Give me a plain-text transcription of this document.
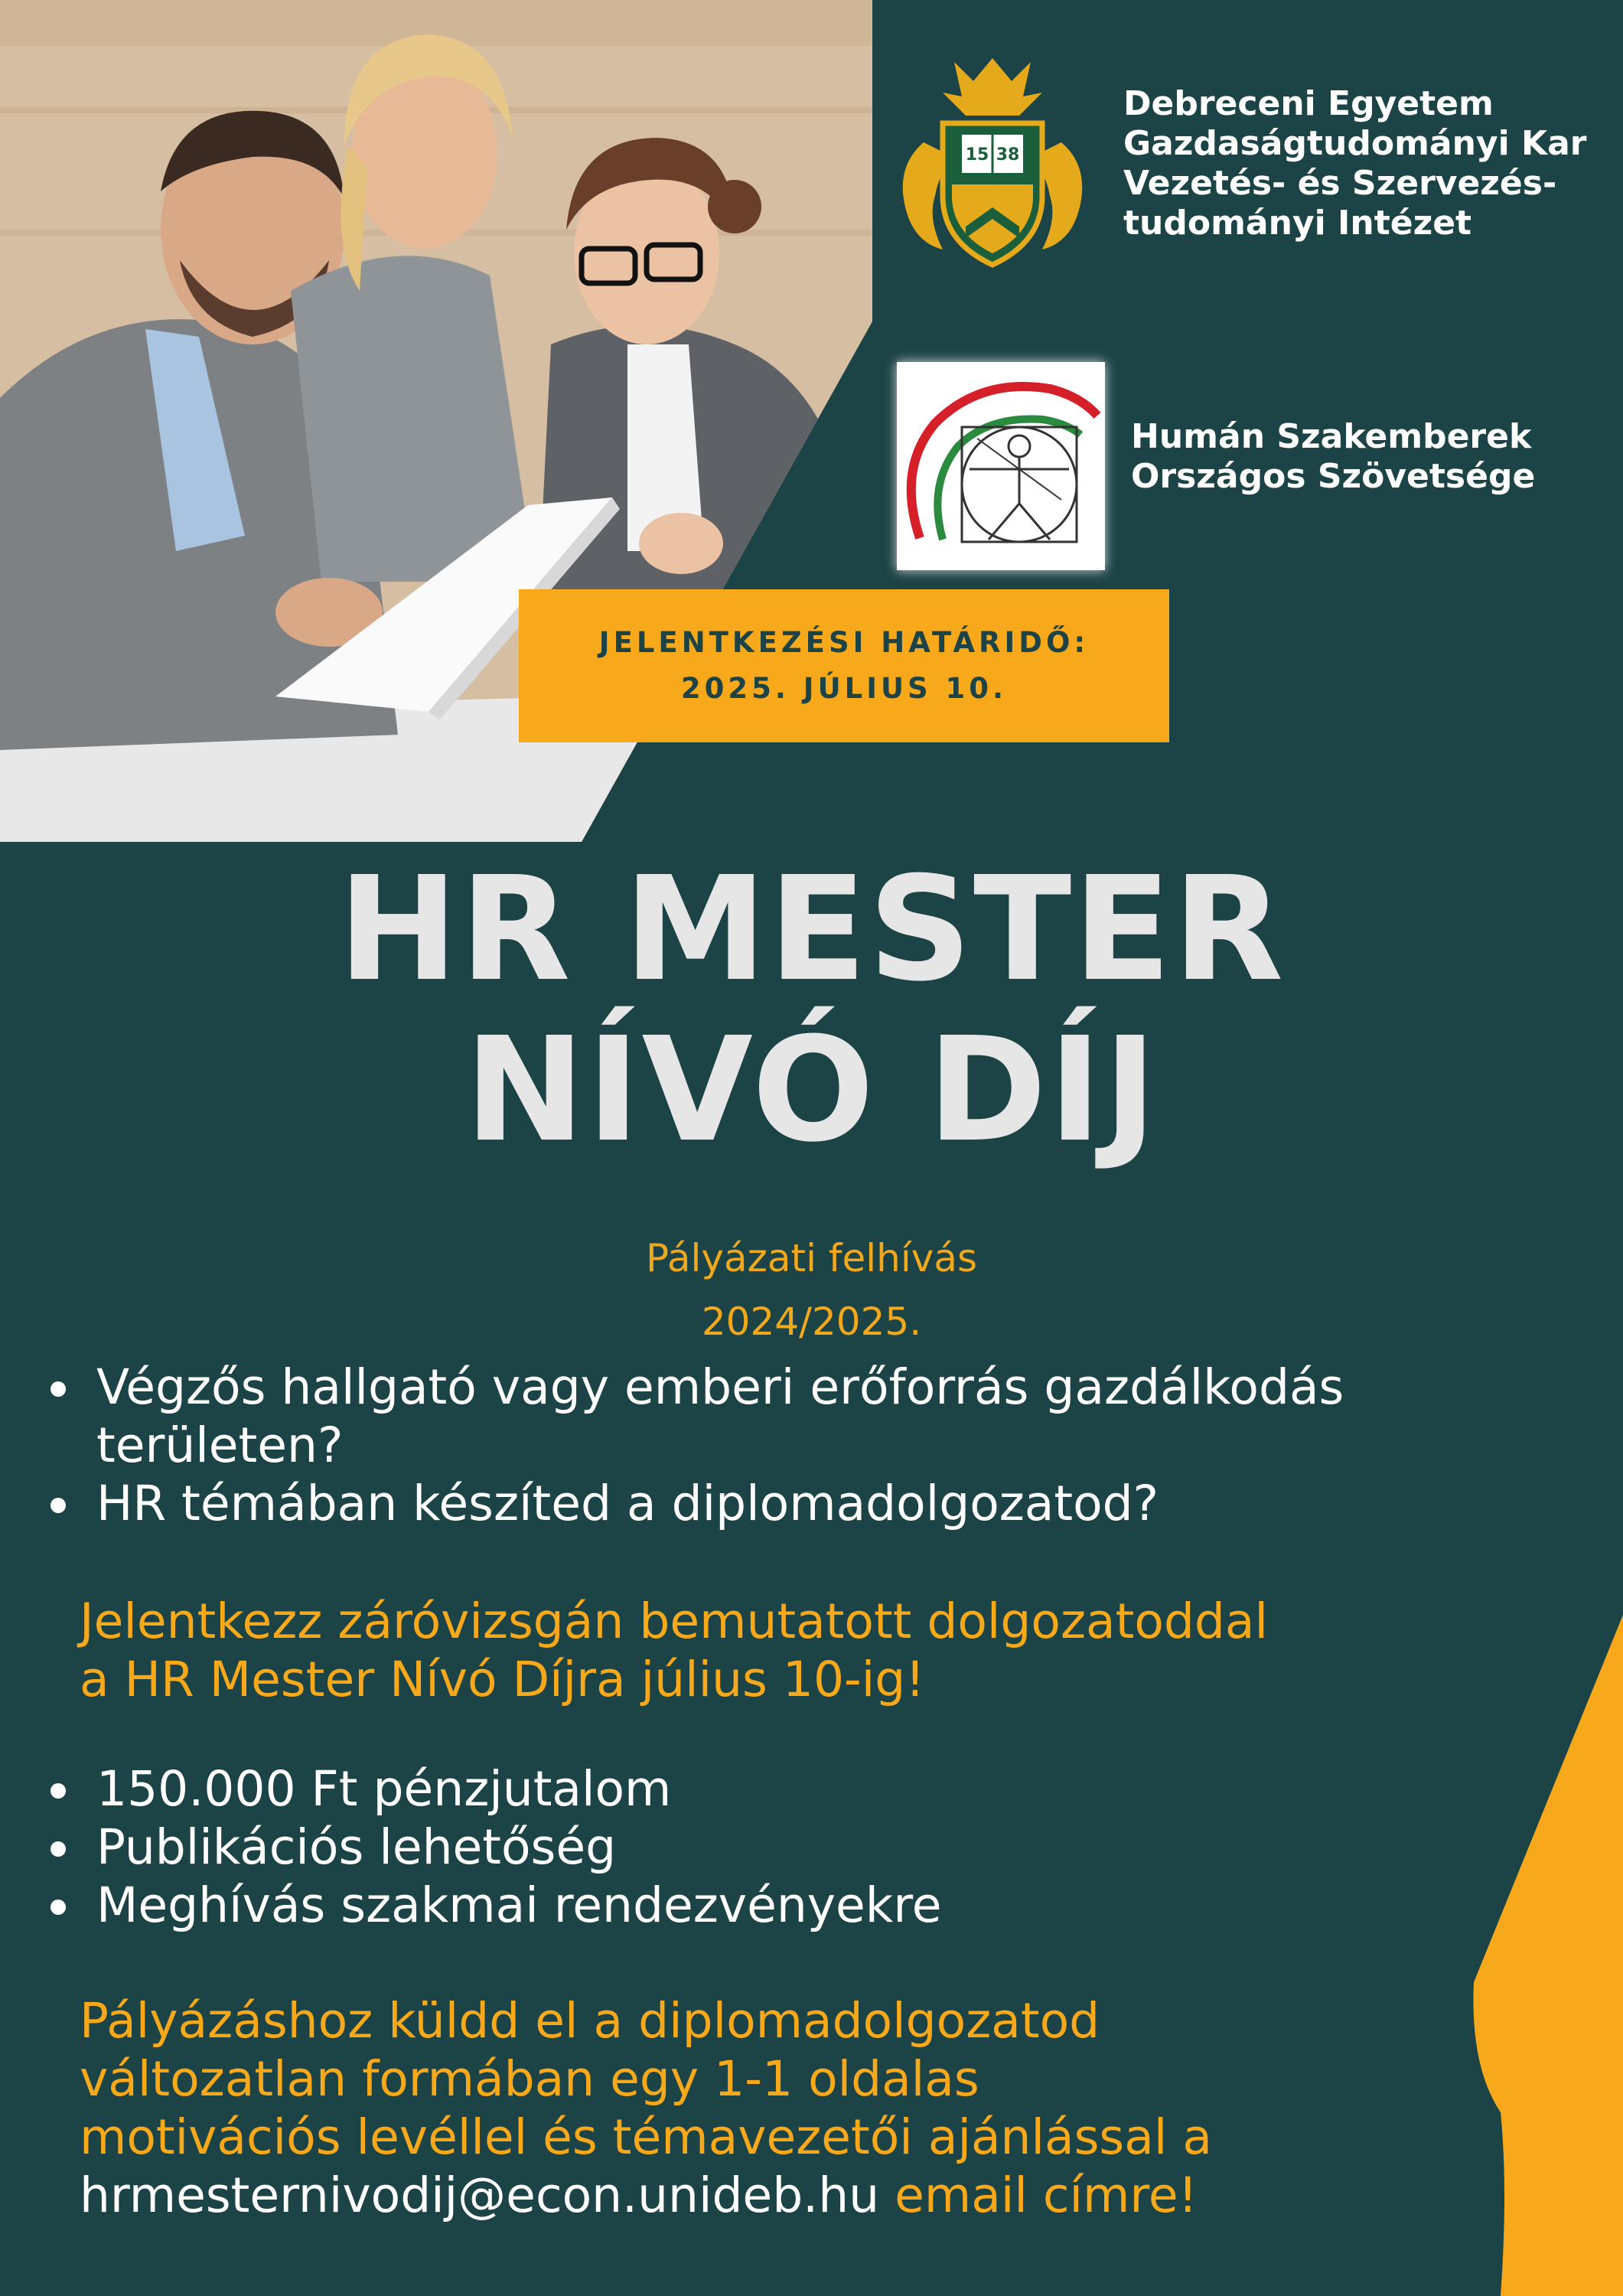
15 38
Debreceni Egyetem
Gazdaságtudományi Kar
Vezetés- és Szervezés-
tudományi Intézet
Humán Szakemberek
Országos Szövetsége
JELENTKEZÉSI HATÁRIDŐ:
2025. JÚLIUS 10.
HR MESTER
NÍVÓ DÍJ
Pályázati felhívás
2024/2025.
Végzős hallgató vagy emberi erőforrás gazdálkodás
területen?
HR témában készíted a diplomadolgozatod?
Jelentkezz záróvizsgán bemutatott dolgozatoddal
a HR Mester Nívó Díjra július 10-ig!
150.000 Ft pénzjutalom
Publikációs lehetőség
Meghívás szakmai rendezvényekre
Pályázáshoz küldd el a diplomadolgozatod
változatlan formában egy 1-1 oldalas
motivációs levéllel és témavezetői ajánlással a
hrmesternivodij@econ.unideb.hu email címre!
